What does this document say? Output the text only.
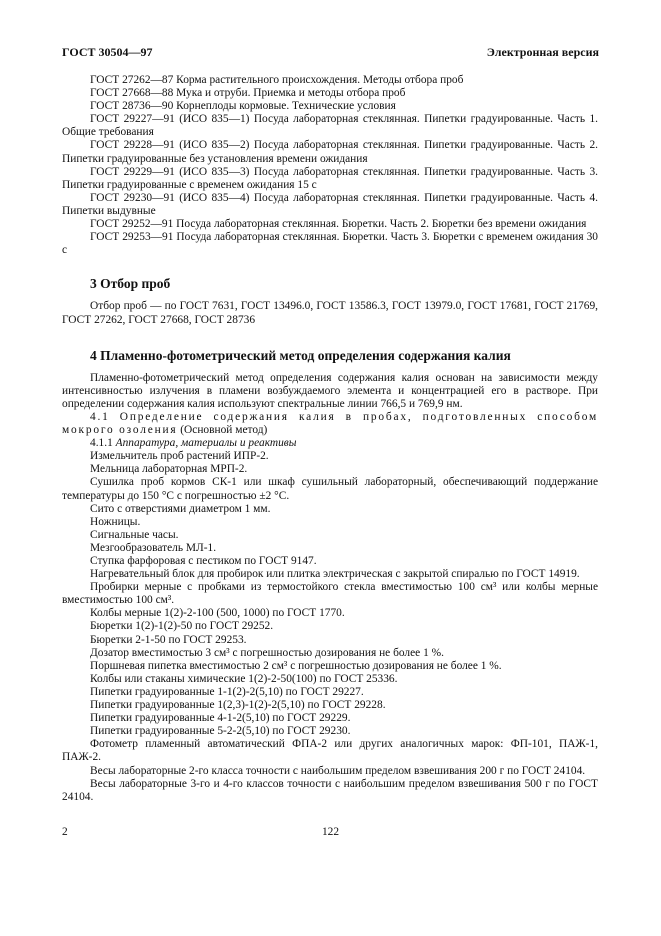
ГОСТ 30504—97	Электронная версия

ГОСТ 27262—87 Корма растительного происхождения. Методы отбора проб

ГОСТ 27668—88 Мука и отруби. Приемка и методы отбора проб

ГОСТ 28736—90 Корнеплоды кормовые. Технические условия

ГОСТ 29227—91 (ИСО 835—1) Посуда лабораторная стеклянная. Пипетки градуированные. Часть 1. Общие требования

ГОСТ 29228—91 (ИСО 835—2) Посуда лабораторная стеклянная. Пипетки градуированные. Часть 2. Пипетки градуированные без установления времени ожидания

ГОСТ 29229—91 (ИСО 835—3) Посуда лабораторная стеклянная. Пипетки градуированные. Часть 3. Пипетки градуированные с временем ожидания 15 с

ГОСТ 29230—91 (ИСО 835—4) Посуда лабораторная стеклянная. Пипетки градуированные. Часть 4. Пипетки выдувные

ГОСТ 29252—91 Посуда лабораторная стеклянная. Бюретки. Часть 2. Бюретки без времени ожидания

ГОСТ 29253—91 Посуда лабораторная стеклянная. Бюретки. Часть 3. Бюретки с временем ожидания 30 с

3 Отбор проб

Отбор проб — по ГОСТ 7631, ГОСТ 13496.0, ГОСТ 13586.3, ГОСТ 13979.0, ГОСТ 17681, ГОСТ 21769, ГОСТ 27262, ГОСТ 27668, ГОСТ 28736

4 Пламенно-фотометрический метод определения содержания калия

Пламенно-фотометрический метод определения содержания калия основан на зависимости между интенсивностью излучения в пламени возбуждаемого элемента и концентрацией его в растворе. При определении содержания калия используют спектральные линии 766,5 и 769,9 нм.

4.1 Определение содержания калия в пробах, подготовленных способом мокрого озоления (Основной метод)

4.1.1 Аппаратура, материалы и реактивы

Измельчитель проб растений ИПР-2.

Мельница лабораторная МРП-2.

Сушилка проб кормов СК-1 или шкаф сушильный лабораторный, обеспечивающий поддержание температуры до 150 °С с погрешностью ±2 °С.

Сито с отверстиями диаметром 1 мм.

Ножницы.

Сигнальные часы.

Мезгообразователь МЛ-1.

Ступка фарфоровая с пестиком по ГОСТ 9147.

Нагревательный блок для пробирок или плитка электрическая с закрытой спиралью по ГОСТ 14919.

Пробирки мерные с пробками из термостойкого стекла вместимостью 100 см³ или колбы мерные вместимостью 100 см³.

Колбы мерные 1(2)-2-100 (500, 1000) по ГОСТ 1770.

Бюретки 1(2)-1(2)-50 по ГОСТ 29252.

Бюретки 2-1-50 по ГОСТ 29253.

Дозатор вместимостью 3 см³ с погрешностью дозирования не более 1 %.

Поршневая пипетка вместимостью 2 см³ с погрешностью дозирования не более 1 %.

Колбы или стаканы химические 1(2)-2-50(100) по ГОСТ 25336.

Пипетки градуированные 1-1(2)-2(5,10) по ГОСТ 29227.

Пипетки градуированные 1(2,3)-1(2)-2(5,10) по ГОСТ 29228.

Пипетки градуированные 4-1-2(5,10) по ГОСТ 29229.

Пипетки градуированные 5-2-2(5,10) по ГОСТ 29230.

Фотометр пламенный автоматический ФПА-2 или других аналогичных марок: ФП-101, ПАЖ-1, ПАЖ-2.

Весы лабораторные 2-го класса точности с наибольшим пределом взвешивания 200 г по ГОСТ 24104.

Весы лабораторные 3-го и 4-го классов точности с наибольшим пределом взвешивания 500 г по ГОСТ 24104.

2	122
